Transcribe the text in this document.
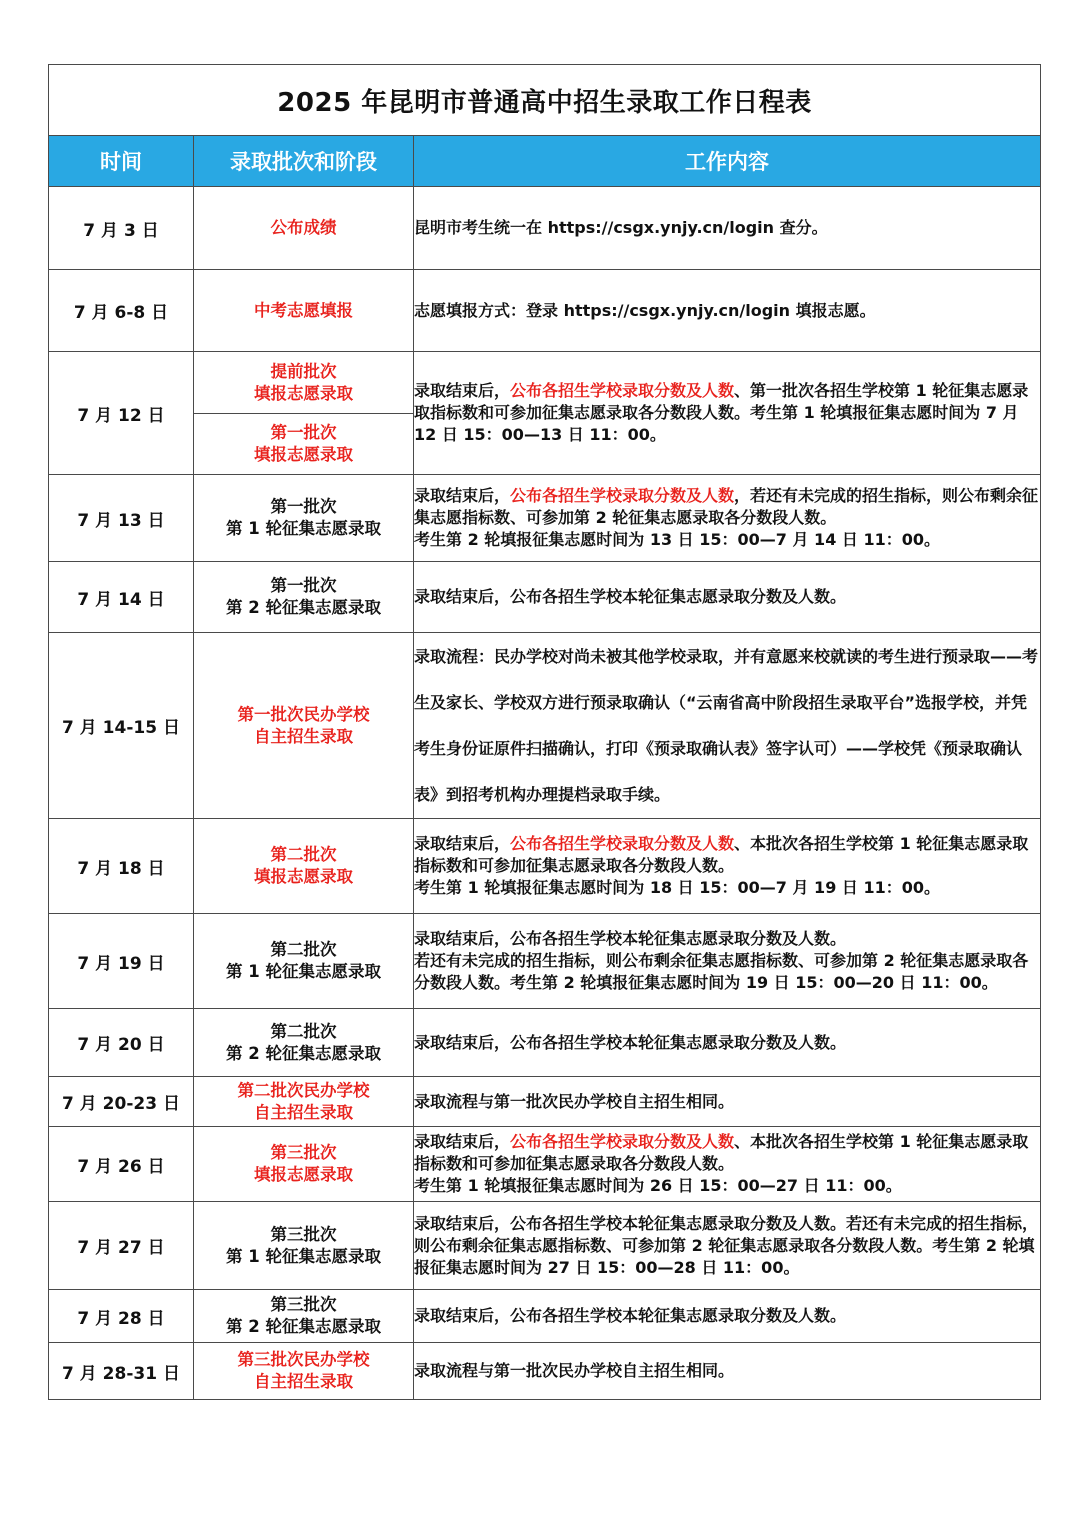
2025 年昆明市普通高中招生录取工作日程表		
时间	录取批次和阶段	工作内容
7 月 3 日	公布成绩	昆明市考生统一在 https://csgx.ynjy.cn/login 查分。
7 月 6-8 日	中考志愿填报	志愿填报方式：登录 https://csgx.ynjy.cn/login 填报志愿。
7 月 12 日	提前批次
填报志愿录取	录取结束后，公布各招生学校录取分数及人数、第一批次各招生学校第 1 轮征集志愿录取指标数和可参加征集志愿录取各分数段人数。考生第 1 轮填报征集志愿时间为 7 月 12 日 15：00—13 日 11：00。

	第一批次
填报志愿录取	

7 月 13 日	第一批次
第 1 轮征集志愿录取	录取结束后，公布各招生学校录取分数及人数，若还有未完成的招生指标，则公布剩余征集志愿指标数、可参加第 2 轮征集志愿录取各分数段人数。
考生第 2 轮填报征集志愿时间为 13 日 15：00—7 月 14 日 11：00。

7 月 14 日	第一批次
第 2 轮征集志愿录取	录取结束后，公布各招生学校本轮征集志愿录取分数及人数。
7 月 14-15 日	第一批次民办学校
自主招生录取	录取流程：民办学校对尚未被其他学校录取，并有意愿来校就读的考生进行预录取——考生及家长、学校双方进行预录取确认（“云南省高中阶段招生录取平台”选报学校，并凭考生身份证原件扫描确认，打印《预录取确认表》签字认可）——学校凭《预录取确认表》到招考机构办理提档录取手续。
7 月 18 日	第二批次
填报志愿录取	录取结束后，公布各招生学校录取分数及人数、本批次各招生学校第 1 轮征集志愿录取指标数和可参加征集志愿录取各分数段人数。
考生第 1 轮填报征集志愿时间为 18 日 15：00—7 月 19 日 11：00。

7 月 19 日	第二批次
第 1 轮征集志愿录取	录取结束后，公布各招生学校本轮征集志愿录取分数及人数。
若还有未完成的招生指标，则公布剩余征集志愿指标数、可参加第 2 轮征集志愿录取各分数段人数。考生第 2 轮填报征集志愿时间为 19 日 15：00—20 日 11：00。

7 月 20 日	第二批次
第 2 轮征集志愿录取	录取结束后，公布各招生学校本轮征集志愿录取分数及人数。
7 月 20-23 日	第二批次民办学校
自主招生录取	录取流程与第一批次民办学校自主招生相同。
7 月 26 日	第三批次
填报志愿录取	录取结束后，公布各招生学校录取分数及人数、本批次各招生学校第 1 轮征集志愿录取指标数和可参加征集志愿录取各分数段人数。
考生第 1 轮填报征集志愿时间为 26 日 15：00—27 日 11：00。

7 月 27 日	第三批次
第 1 轮征集志愿录取	录取结束后，公布各招生学校本轮征集志愿录取分数及人数。若还有未完成的招生指标，则公布剩余征集志愿指标数、可参加第 2 轮征集志愿录取各分数段人数。考生第 2 轮填报征集志愿时间为 27 日 15：00—28 日 11：00。
7 月 28 日	第三批次
第 2 轮征集志愿录取	录取结束后，公布各招生学校本轮征集志愿录取分数及人数。
7 月 28-31 日	第三批次民办学校
自主招生录取	录取流程与第一批次民办学校自主招生相同。
